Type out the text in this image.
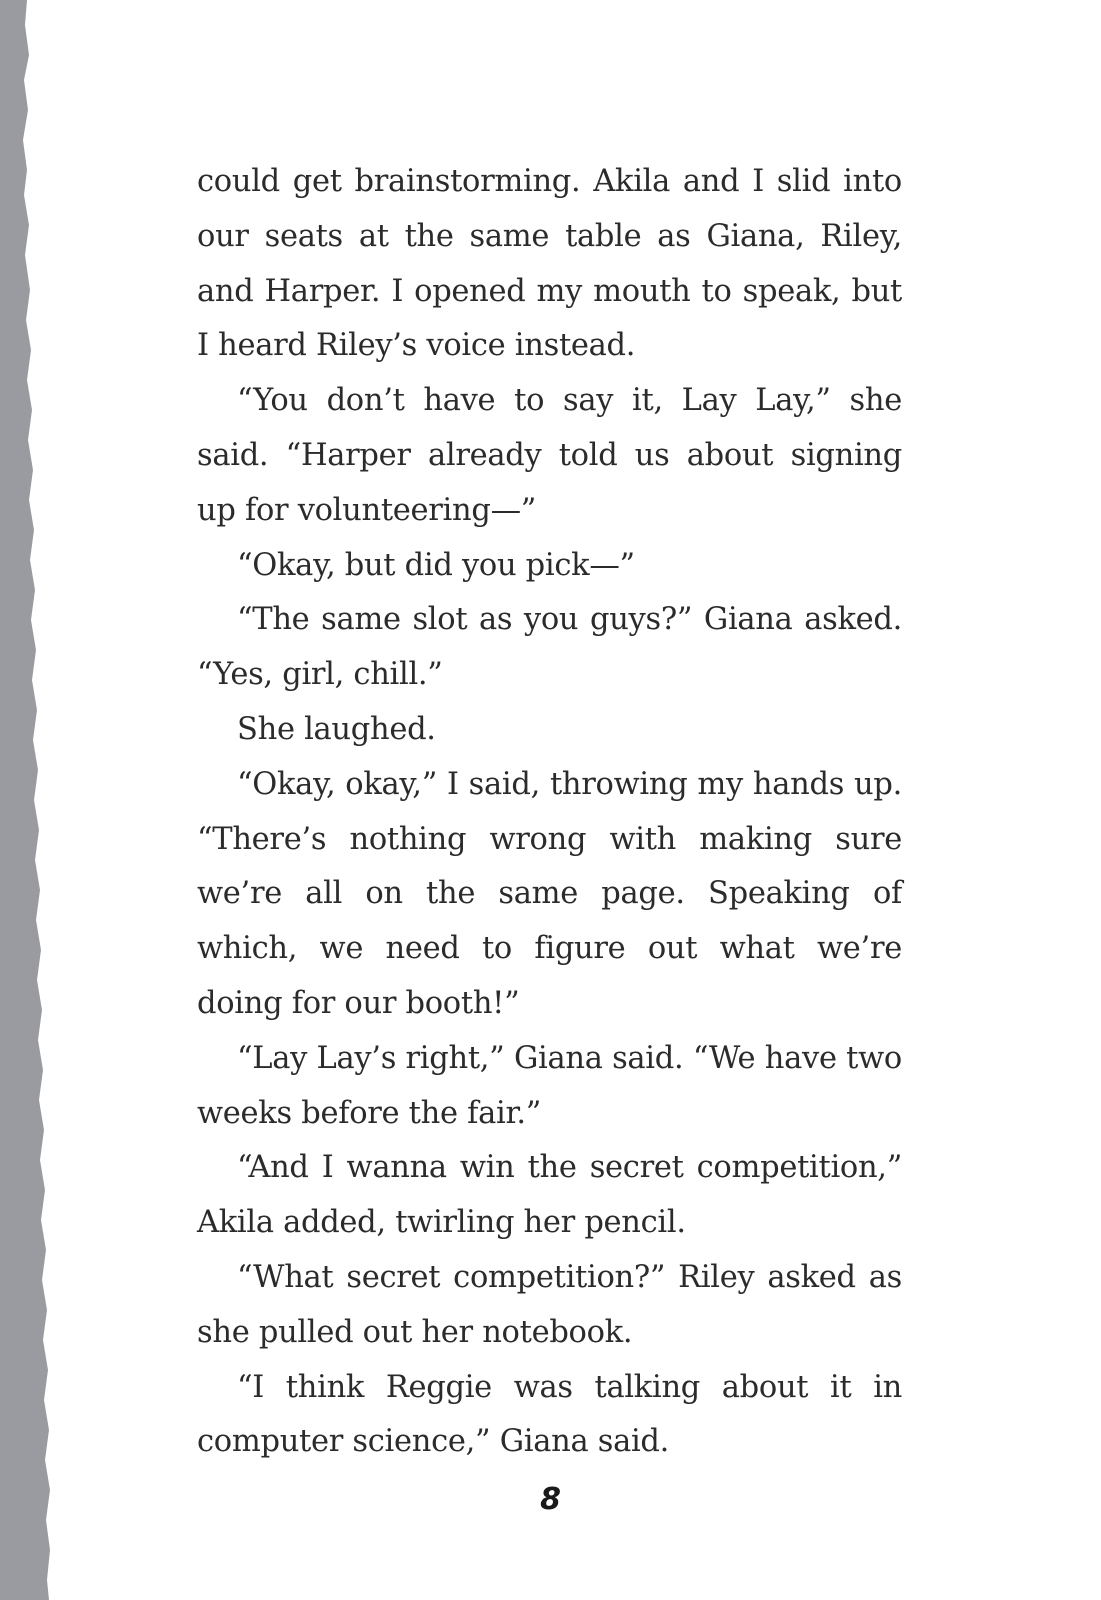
could get brainstorming. Akila and I slid into our seats at the same table as Giana, Riley, and Harper. I opened my mouth to speak, but I heard Riley’s voice instead.

“You don’t have to say it, Lay Lay,” she said. “Harper already told us about signing up for volunteering—”

“Okay, but did you pick—”

“The same slot as you guys?” Giana asked. “Yes, girl, chill.”

She laughed.

“Okay, okay,” I said, throwing my hands up. “There’s nothing wrong with making sure we’re all on the same page. Speaking of which, we need to figure out what we’re doing for our booth!”

“Lay Lay’s right,” Giana said. “We have two weeks before the fair.”

“And I wanna win the secret competition,” Akila added, twirling her pencil.

“What secret competition?” Riley asked as she pulled out her notebook.

“I think Reggie was talking about it in computer science,” Giana said.

8
